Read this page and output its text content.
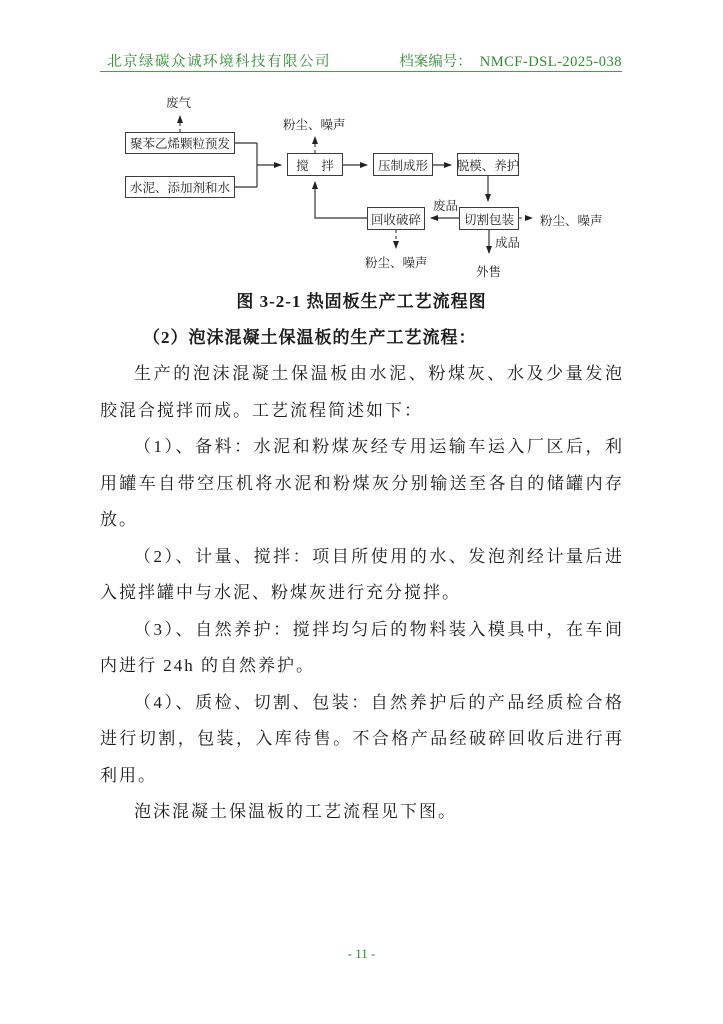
北京绿碳众诚环境科技有限公司	档案编号： NMCF-DSL-2025-038
废气
粉尘、噪声
聚苯乙烯颗粒预发
水泥、添加剂和水
搅　拌	压制成形	脱模、养护
回收破碎	切割包装
废品
粉尘、噪声
成品
粉尘、噪声
外售
图 3-2-1 热固板生产工艺流程图
（2）泡沫混凝土保温板的生产工艺流程：

生产的泡沫混凝土保温板由水泥、粉煤灰、水及少量发泡胶混合搅拌而成。工艺流程简述如下：

（1）、备料：水泥和粉煤灰经专用运输车运入厂区后，利用罐车自带空压机将水泥和粉煤灰分别输送至各自的储罐内存放。

（2）、计量、搅拌：项目所使用的水、发泡剂经计量后进入搅拌罐中与水泥、粉煤灰进行充分搅拌。

（3）、自然养护：搅拌均匀后的物料装入模具中，在车间内进行 24h 的自然养护。

（4）、质检、切割、包装：自然养护后的产品经质检合格进行切割，包装，入库待售。不合格产品经破碎回收后进行再利用。

泡沫混凝土保温板的工艺流程见下图。

- 11 -
